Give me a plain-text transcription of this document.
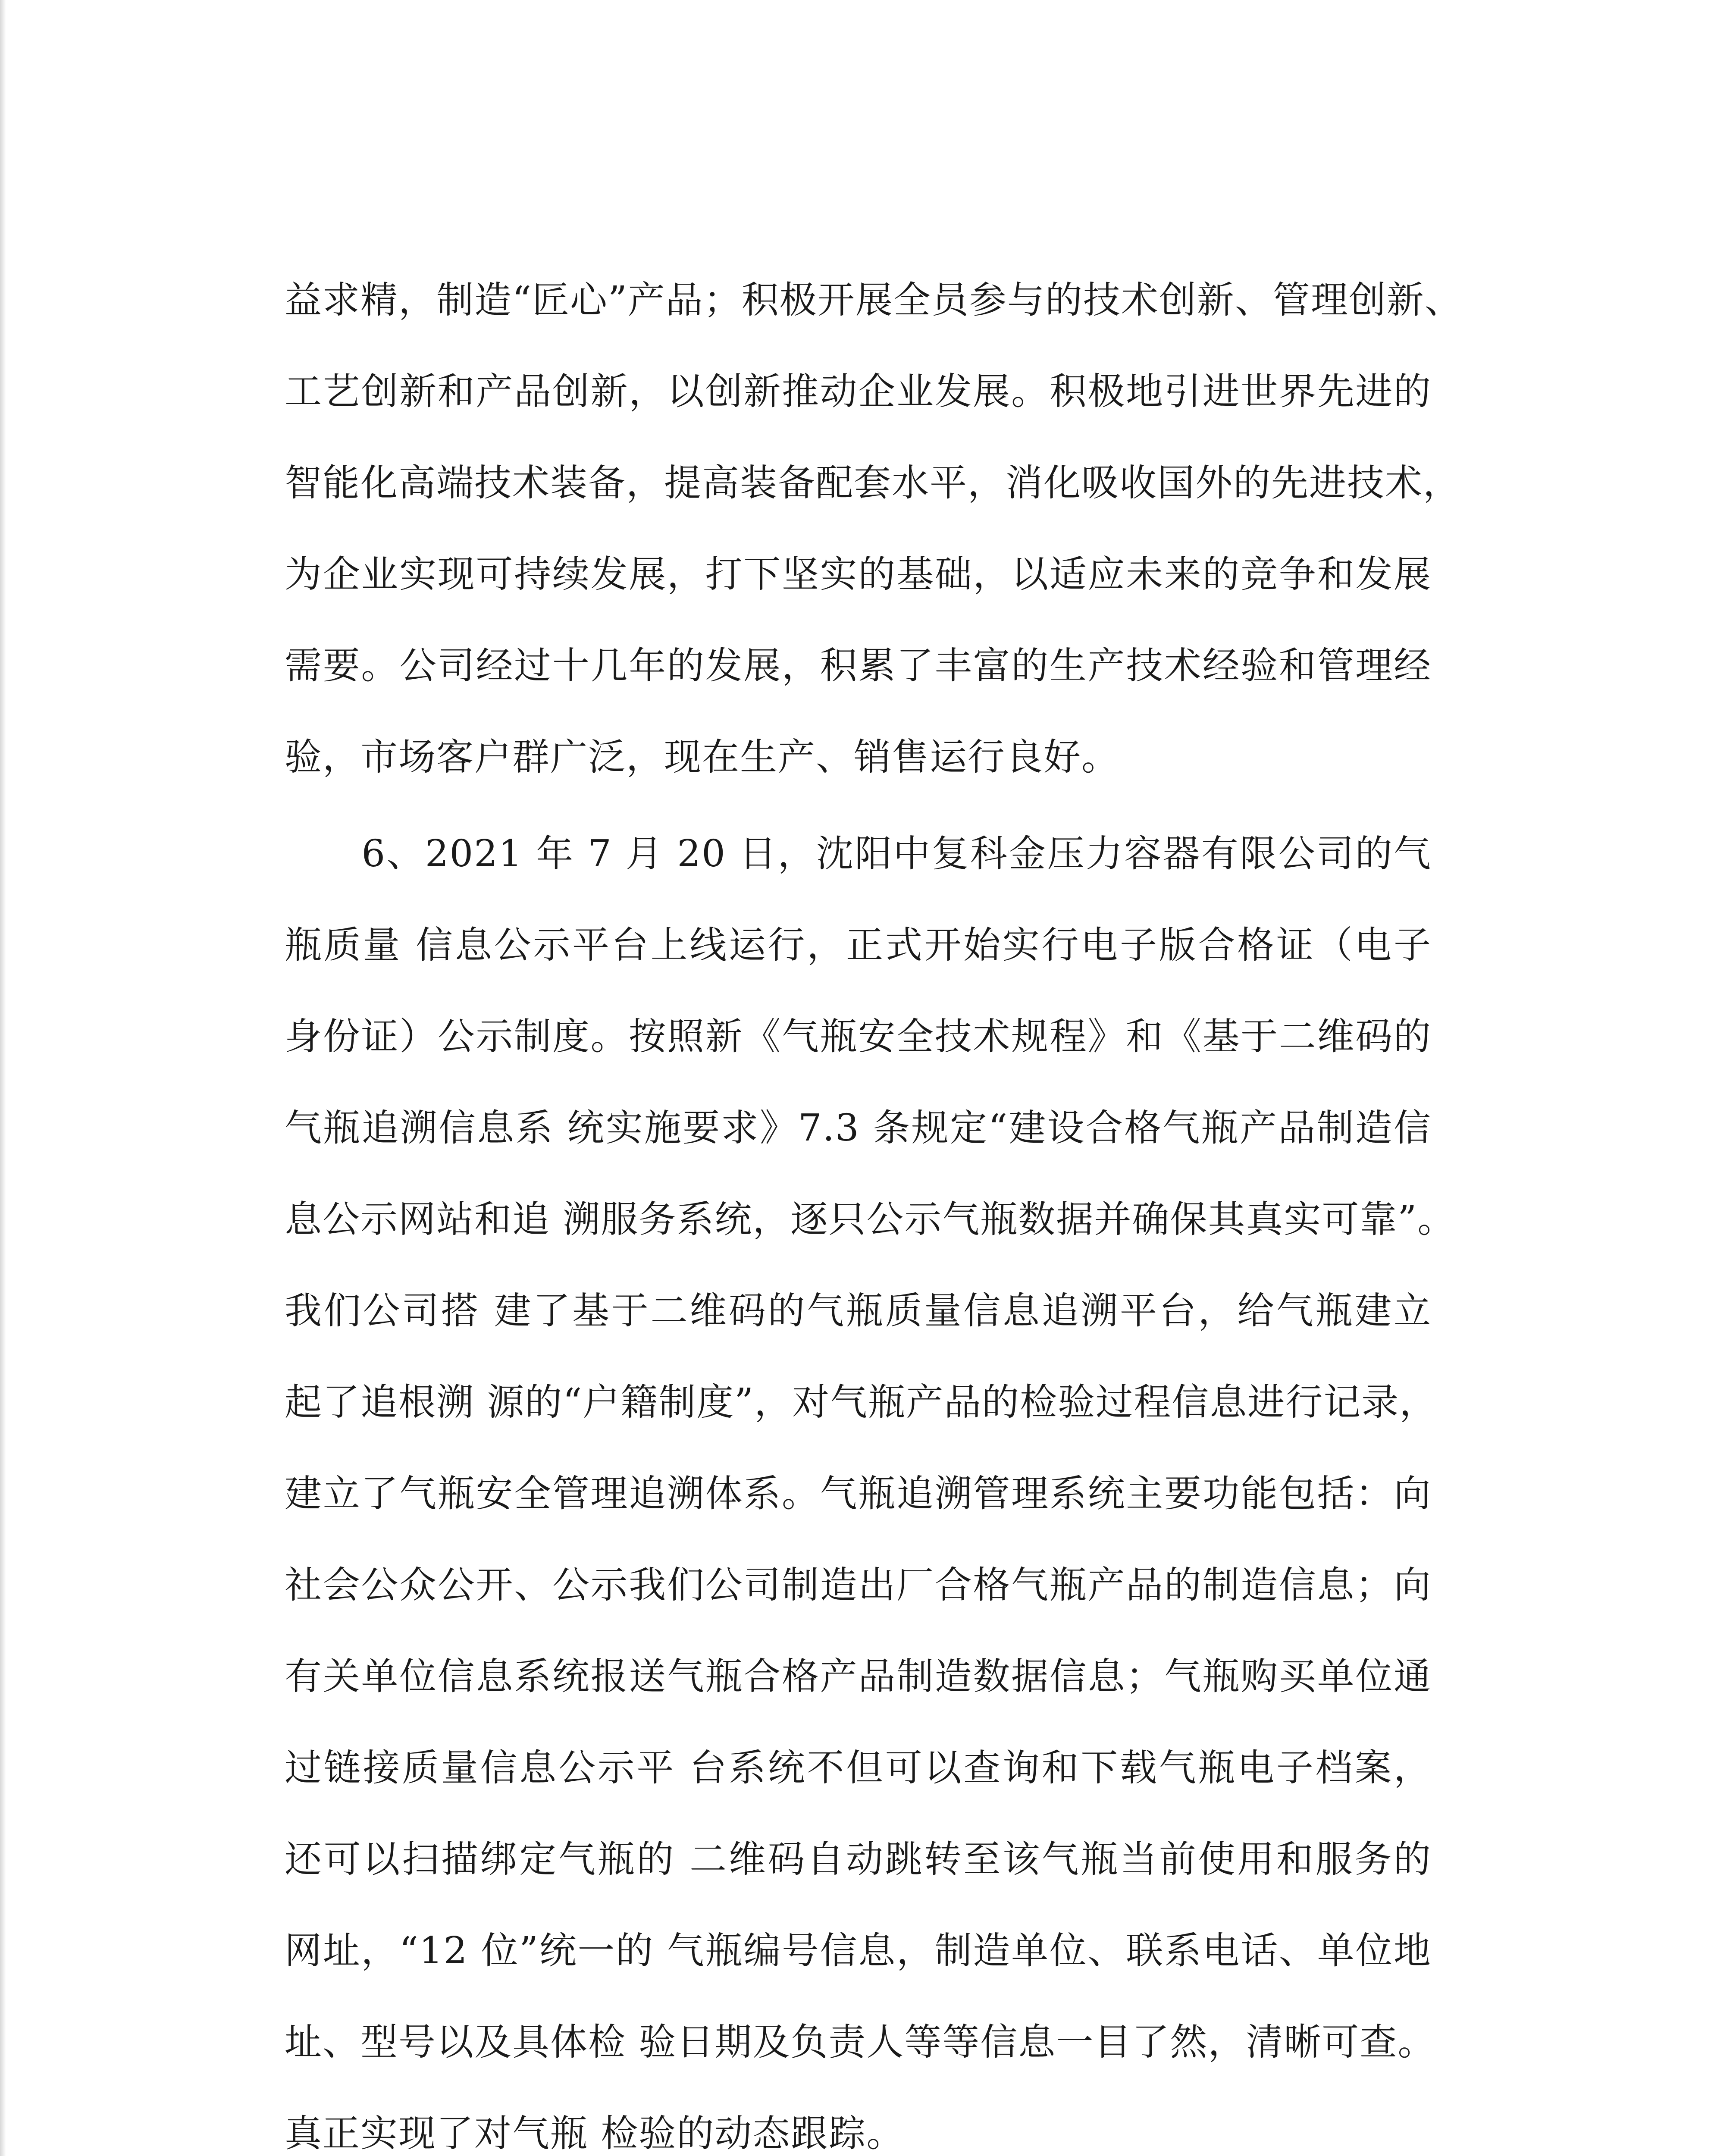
益求精，制造“匠心”产品；积极开展全员参与的技术创新、管理创新、
工艺创新和产品创新，以创新推动企业发展。积极地引进世界先进的
智能化高端技术装备，提高装备配套水平，消化吸收国外的先进技术，
为企业实现可持续发展，打下坚实的基础，以适应未来的竞争和发展
需要。公司经过十几年的发展，积累了丰富的生产技术经验和管理经
验，市场客户群广泛，现在生产、销售运行良好。
　　6、2021 年 7 月 20 日，沈阳中复科金压力容器有限公司的气
瓶质量 信息公示平台上线运行，正式开始实行电子版合格证（电子
身份证）公示制度。按照新《气瓶安全技术规程》和《基于二维码的
气瓶追溯信息系 统实施要求》7.3 条规定“建设合格气瓶产品制造信
息公示网站和追 溯服务系统，逐只公示气瓶数据并确保其真实可靠”。
我们公司搭 建了基于二维码的气瓶质量信息追溯平台，给气瓶建立
起了追根溯 源的“户籍制度”，对气瓶产品的检验过程信息进行记录，
建立了气瓶安全管理追溯体系。气瓶追溯管理系统主要功能包括：向
社会公众公开、公示我们公司制造出厂合格气瓶产品的制造信息；向
有关单位信息系统报送气瓶合格产品制造数据信息；气瓶购买单位通
过链接质量信息公示平 台系统不但可以查询和下载气瓶电子档案，
还可以扫描绑定气瓶的 二维码自动跳转至该气瓶当前使用和服务的
网址，“12 位”统一的 气瓶编号信息，制造单位、联系电话、单位地
址、型号以及具体检 验日期及负责人等等信息一目了然，清晰可查。
真正实现了对气瓶 检验的动态跟踪。
